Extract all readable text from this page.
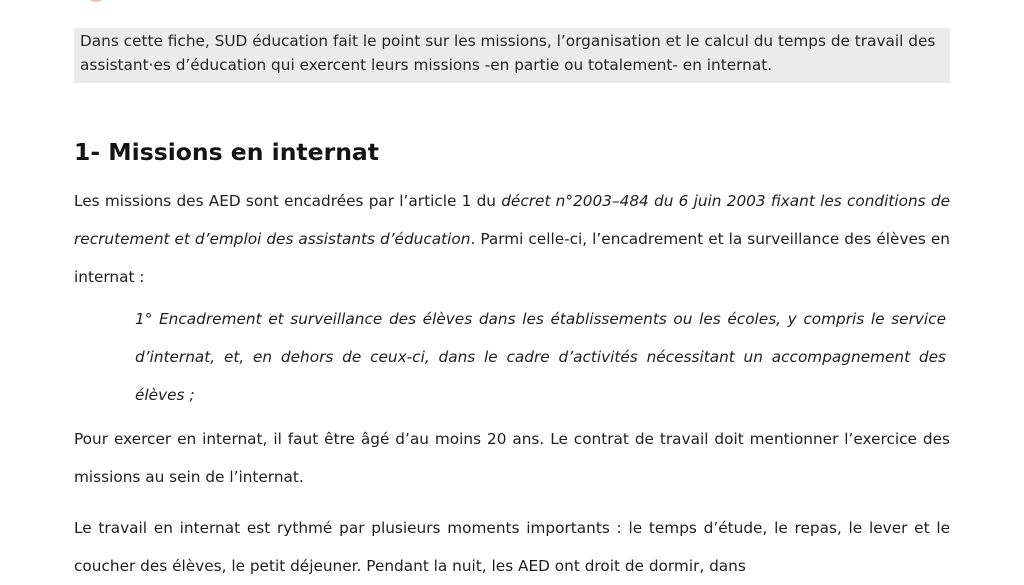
Dans cette fiche, SUD éducation fait le point sur les missions, l’organisation et le calcul du temps de travail des assistant·es d’éducation qui exercent leurs missions -en partie ou totalement- en internat.
1- Missions en internat

Les missions des AED sont encadrées par l’article 1 du décret n°2003–484 du 6 juin 2003 fixant les conditions de recrutement et d’emploi des assistants d’éducation. Parmi celle-ci, l’encadrement et la surveillance des élèves en internat :

1° Encadrement et surveillance des élèves dans les établissements ou les écoles, y compris le service d’internat, et, en dehors de ceux-ci, dans le cadre d’activités nécessitant un accompagnement des élèves ;

Pour exercer en internat, il faut être âgé d’au moins 20 ans. Le contrat de travail doit mentionner l’exercice des missions au sein de l’internat.

Le travail en internat est rythmé par plusieurs moments importants : le temps d’étude, le repas, le lever et le coucher des élèves, le petit déjeuner. Pendant la nuit, les AED ont droit de dormir, dans
